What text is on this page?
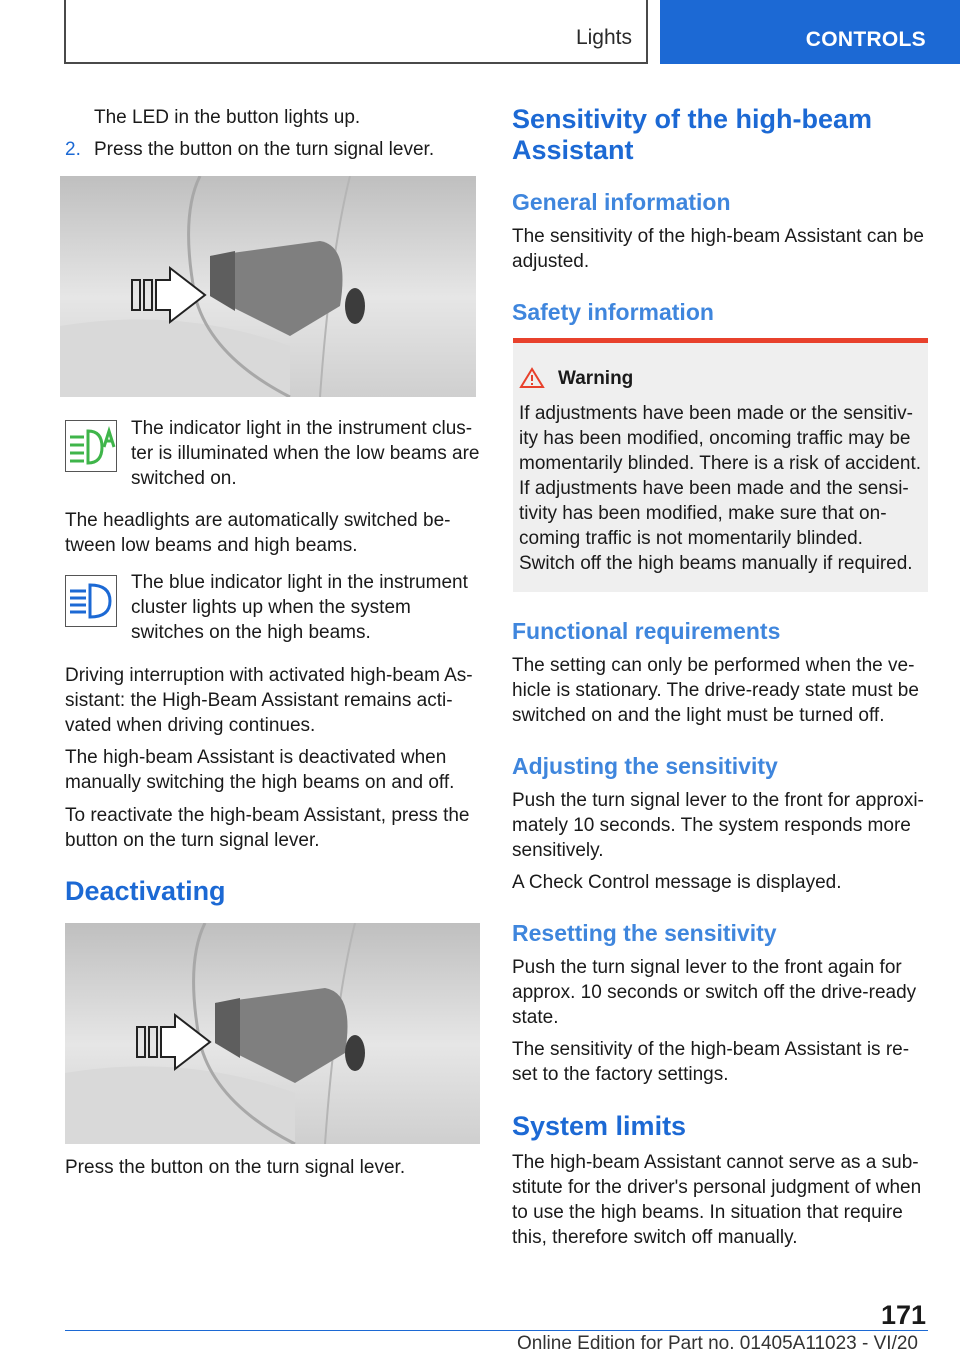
Lights	CONTROLS

The LED in the button lights up.

2. Press the button on the turn signal lever.

The indicator light in the instrument clus‐ter is illuminated when the low beams are switched on.

The headlights are automatically switched be‐tween low beams and high beams.

The blue indicator light in the instrument cluster lights up when the system switches on the high beams.

Driving interruption with activated high-beam As‐sistant: the High-Beam Assistant remains acti‐vated when driving continues.

The high-beam Assistant is deactivated when manually switching the high beams on and off.

To reactivate the high-beam Assistant, press the button on the turn signal lever.

Deactivating

Press the button on the turn signal lever.

Sensitivity of the high-beam Assistant
General information

The sensitivity of the high-beam Assistant can be adjusted.

Safety information
Warning

If adjustments have been made or the sensitiv‐ity has been modified, oncoming traffic may be momentarily blinded. There is a risk of accident. If adjustments have been made and the sensi‐tivity has been modified, make sure that on‐coming traffic is not momentarily blinded. Switch off the high beams manually if required.

Functional requirements

The setting can only be performed when the ve‐hicle is stationary. The drive-ready state must be switched on and the light must be turned off.

Adjusting the sensitivity

Push the turn signal lever to the front for approxi‐mately 10 seconds. The system responds more sensitively.

A Check Control message is displayed.

Resetting the sensitivity

Push the turn signal lever to the front again for approx. 10 seconds or switch off the drive-ready state.

The sensitivity of the high-beam Assistant is re‐set to the factory settings.

System limits

The high-beam Assistant cannot serve as a sub‐stitute for the driver's personal judgment of when to use the high beams. In situation that require this, therefore switch off manually.

171
Online Edition for Part no. 01405A11023 - VI/20
